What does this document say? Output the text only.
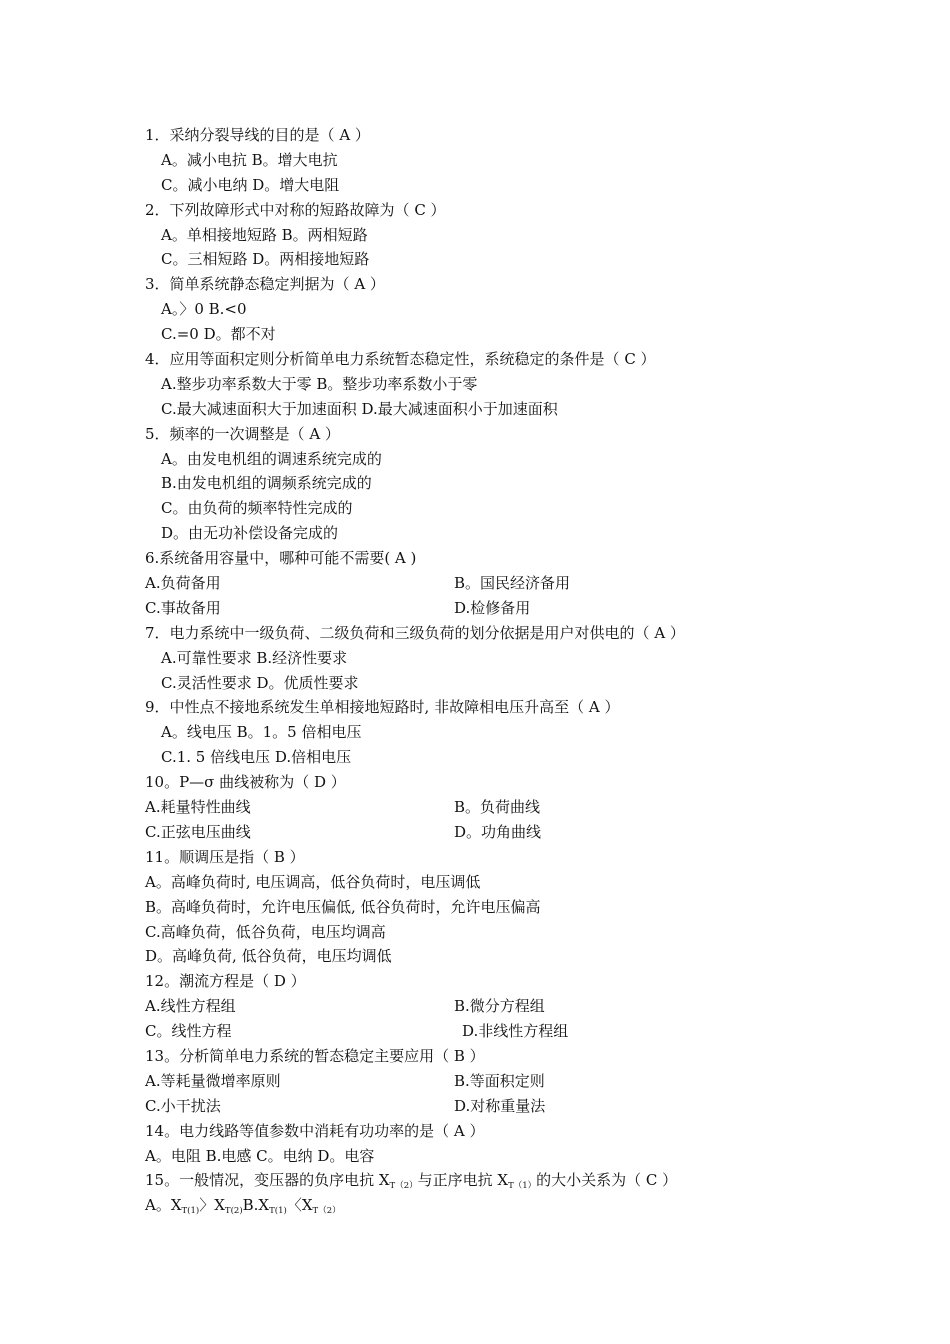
1．采纳分裂导线的目的是（ A ）
A。减小电抗 B。增大电抗
C。减小电纳 D。增大电阻
2．下列故障形式中对称的短路故障为（ C ）
A。单相接地短路 B。两相短路
C。三相短路 D。两相接地短路
3．简单系统静态稳定判据为（ A ）
A。〉0 B.<0
C.=0 D。都不对
4．应用等面积定则分析简单电力系统暂态稳定性，系统稳定的条件是（ C ）
A.整步功率系数大于零 B。整步功率系数小于零
C.最大减速面积大于加速面积 D.最大减速面积小于加速面积
5．频率的一次调整是（ A ）
A。由发电机组的调速系统完成的
B.由发电机组的调频系统完成的
C。由负荷的频率特性完成的
D。由无功补偿设备完成的
6.系统备用容量中，哪种可能不需要( A )
A.负荷备用	B。国民经济备用
C.事故备用	D.检修备用
7．电力系统中一级负荷、二级负荷和三级负荷的划分依据是用户对供电的（ A ）
A.可靠性要求 B.经济性要求
C.灵活性要求 D。优质性要求
9．中性点不接地系统发生单相接地短路时, 非故障相电压升高至（ A ）
A。线电压 B。1。5 倍相电压
C.1. 5 倍线电压 D.倍相电压
10。P—σ 曲线被称为（ D ）
A.耗量特性曲线	B。负荷曲线
C.正弦电压曲线	D。功角曲线
11。顺调压是指（ B ）
A。高峰负荷时, 电压调高，低谷负荷时，电压调低
B。高峰负荷时，允许电压偏低, 低谷负荷时，允许电压偏高
C.高峰负荷，低谷负荷，电压均调高
D。高峰负荷, 低谷负荷，电压均调低
12。潮流方程是（ D ）
A.线性方程组	B.微分方程组
C。线性方程	D.非线性方程组
13。分析简单电力系统的暂态稳定主要应用（ B ）
A.等耗量微增率原则	B.等面积定则
C.小干扰法	D.对称重量法
14。电力线路等值参数中消耗有功功率的是（ A ）
A。电阻 B.电感 C。电纳 D。电容
15。一般情况，变压器的负序电抗 $X_{T(2)}$与正序电抗 $X_{T(1)}$的大小关系为（ C ）
A。$X_{T(1)}$〉$X_{T(2)}B.X_{T(1)}$〈$X_{T(2)}$
